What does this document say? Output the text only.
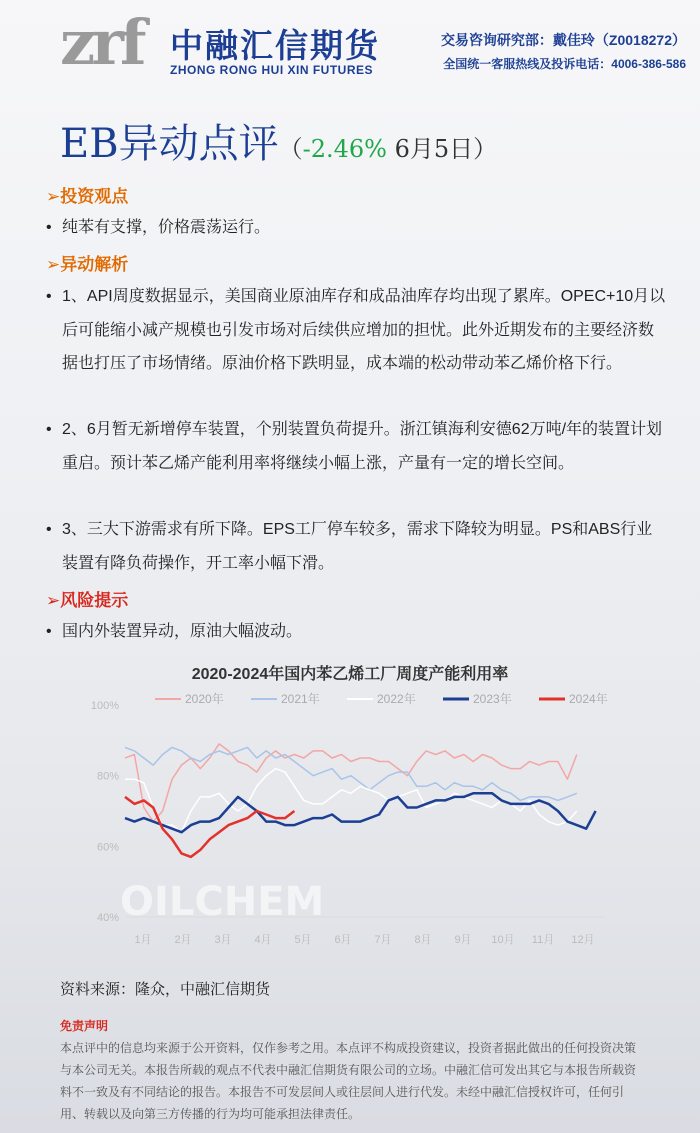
zrf 中融汇信期货
ZHONG RONG HUI XIN FUTURES
交易咨询研究部：戴佳玲（Z0018272）
全国统一客服热线及投诉电话：4006-386-586
EB异动点评（-2.46% 6月5日）
➢投资观点
• 纯苯有支撑，价格震荡运行。
➢异动解析
• 1、API周度数据显示，美国商业原油库存和成品油库存均出现了累库。OPEC+10月以后可能缩小减产规模也引发市场对后续供应增加的担忧。此外近期发布的主要经济数据也打压了市场情绪。原油价格下跌明显，成本端的松动带动苯乙烯价格下行。
• 2、6月暂无新增停车装置，个别装置负荷提升。浙江镇海利安德62万吨/年的装置计划重启。预计苯乙烯产能利用率将继续小幅上涨，产量有一定的增长空间。
• 3、三大下游需求有所下降。EPS工厂停车较多，需求下降较为明显。PS和ABS行业装置有降负荷操作，开工率小幅下滑。
➢风险提示
• 国内外装置异动，原油大幅波动。
2020-2024年国内苯乙烯工厂周度产能利用率
2020年	2021年	2022年	2023年	2024年
40%
60%
80%
100%
1月 2月 3月 4月 5月 6月 7月 8月 9月 10月 11月 12月
OILCHEM
资料来源：隆众，中融汇信期货
免责声明
本点评中的信息均来源于公开资料，仅作参考之用。本点评不构成投资建议，投资者据此做出的任何投资决策与本公司无关。本报告所载的观点不代表中融汇信期货有限公司的立场。中融汇信可发出其它与本报告所载资料不一致及有不同结论的报告。本报告不可发层间人或往层间人进行代发。未经中融汇信授权许可，任何引用、转载以及向第三方传播的行为均可能承担法律责任。
